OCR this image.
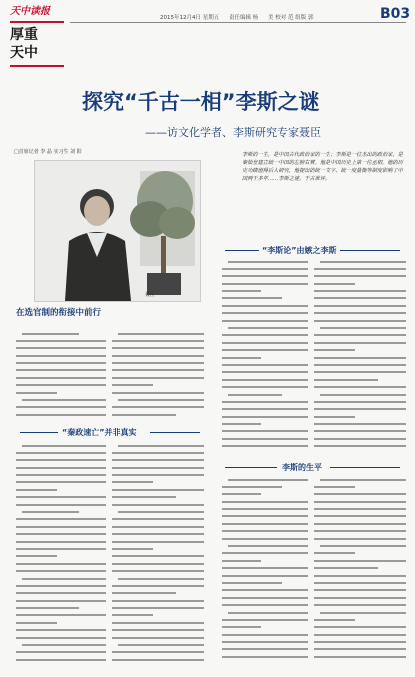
天中读报
厚重
天中
2015年12月4日 星期五 责任编辑 杨 美 校对 范 组版 郭	B03
探究“千古一相”李斯之谜
——访文化学者、李斯研究专家聂臣
□首席记者 李 晶 实习生 刘 阳
聂臣
在选官制的衔接中前行
李斯的一生，是中国古代政治家的一生；李斯是一位杰出的政治家，是秦始皇建立统一中国的左膀右臂。他是中国历史上第一位丞相，他的历史功绩值得后人研究，他提出的统一文字、统一度量衡等制度影响了中国两千多年……李斯之谜，千古谁评。
“秦政速亡”并非真实
“李斯论”由嫉之李斯
李斯的生平
